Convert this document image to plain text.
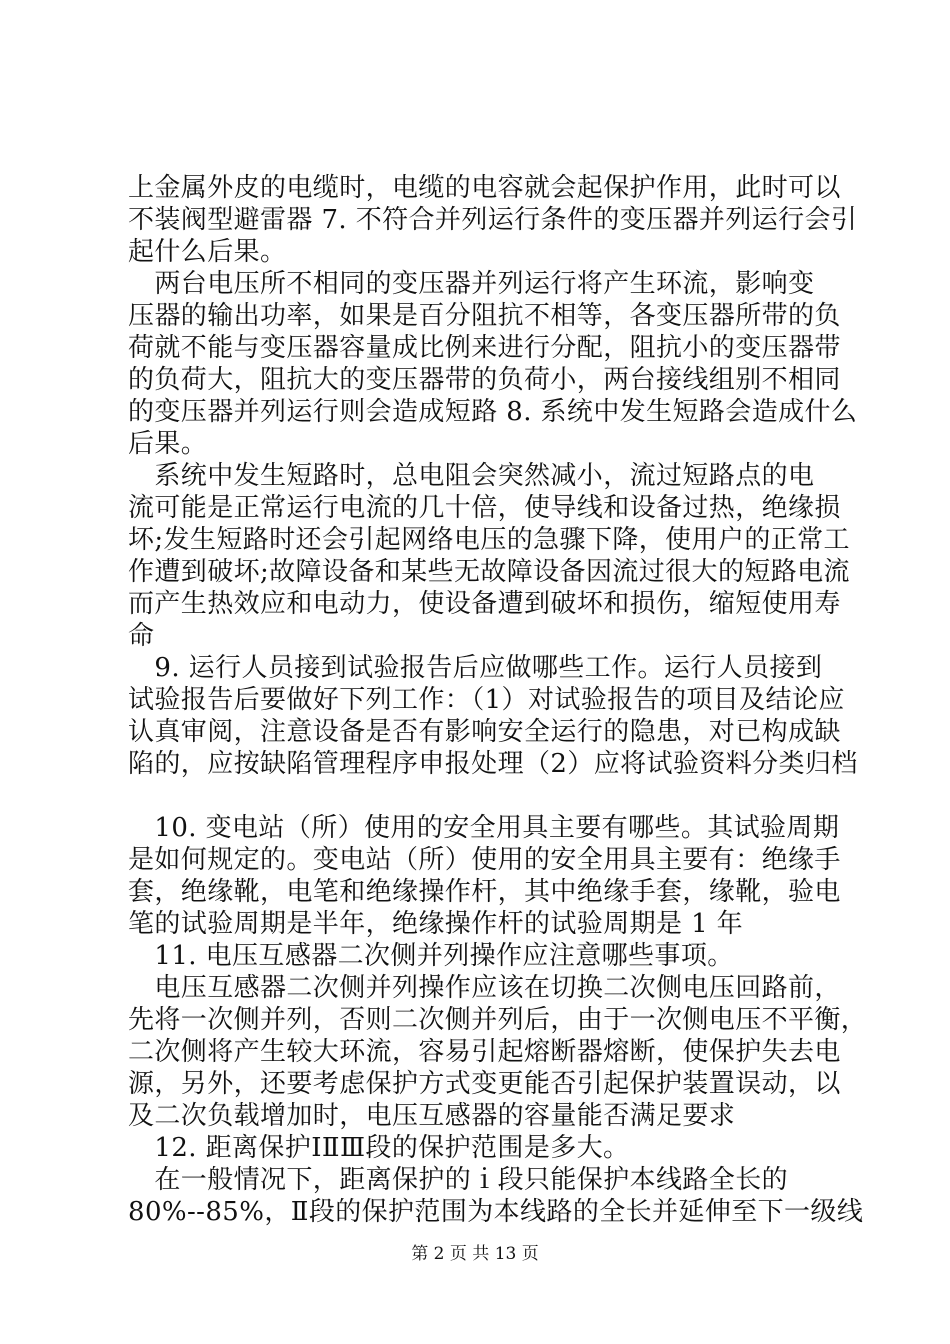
上金属外皮的电缆时，电缆的电容就会起保护作用，此时可以
不装阀型避雷器 7. 不符合并列运行条件的变压器并列运行会引
起什么后果。
　两台电压所不相同的变压器并列运行将产生环流，影响变
压器的输出功率，如果是百分阻抗不相等，各变压器所带的负
荷就不能与变压器容量成比例来进行分配，阻抗小的变压器带
的负荷大，阻抗大的变压器带的负荷小，两台接线组别不相同
的变压器并列运行则会造成短路 8. 系统中发生短路会造成什么
后果。
　系统中发生短路时，总电阻会突然减小，流过短路点的电
流可能是正常运行电流的几十倍，使导线和设备过热，绝缘损
坏;发生短路时还会引起网络电压的急骤下降，使用户的正常工
作遭到破坏;故障设备和某些无故障设备因流过很大的短路电流
而产生热效应和电动力，使设备遭到破坏和损伤，缩短使用寿
命
　9. 运行人员接到试验报告后应做哪些工作。运行人员接到
试验报告后要做好下列工作：（1）对试验报告的项目及结论应
认真审阅，注意设备是否有影响安全运行的隐患，对已构成缺
陷的，应按缺陷管理程序申报处理（2）应将试验资料分类归档
　10. 变电站（所）使用的安全用具主要有哪些。其试验周期
是如何规定的。变电站（所）使用的安全用具主要有：绝缘手
套，绝缘靴，电笔和绝缘操作杆，其中绝缘手套，缘靴，验电
笔的试验周期是半年，绝缘操作杆的试验周期是 1 年
　11. 电压互感器二次侧并列操作应注意哪些事项。
　电压互感器二次侧并列操作应该在切换二次侧电压回路前，
先将一次侧并列，否则二次侧并列后，由于一次侧电压不平衡，
二次侧将产生较大环流，容易引起熔断器熔断，使保护失去电
源，另外，还要考虑保护方式变更能否引起保护装置误动，以
及二次负载增加时，电压互感器的容量能否满足要求
　12. 距离保护ⅠⅡⅢ段的保护范围是多大。
　在一般情况下，距离保护的ｉ段只能保护本线路全长的
80%--85%，Ⅱ段的保护范围为本线路的全长并延伸至下一级线
第 2 页 共 13 页
